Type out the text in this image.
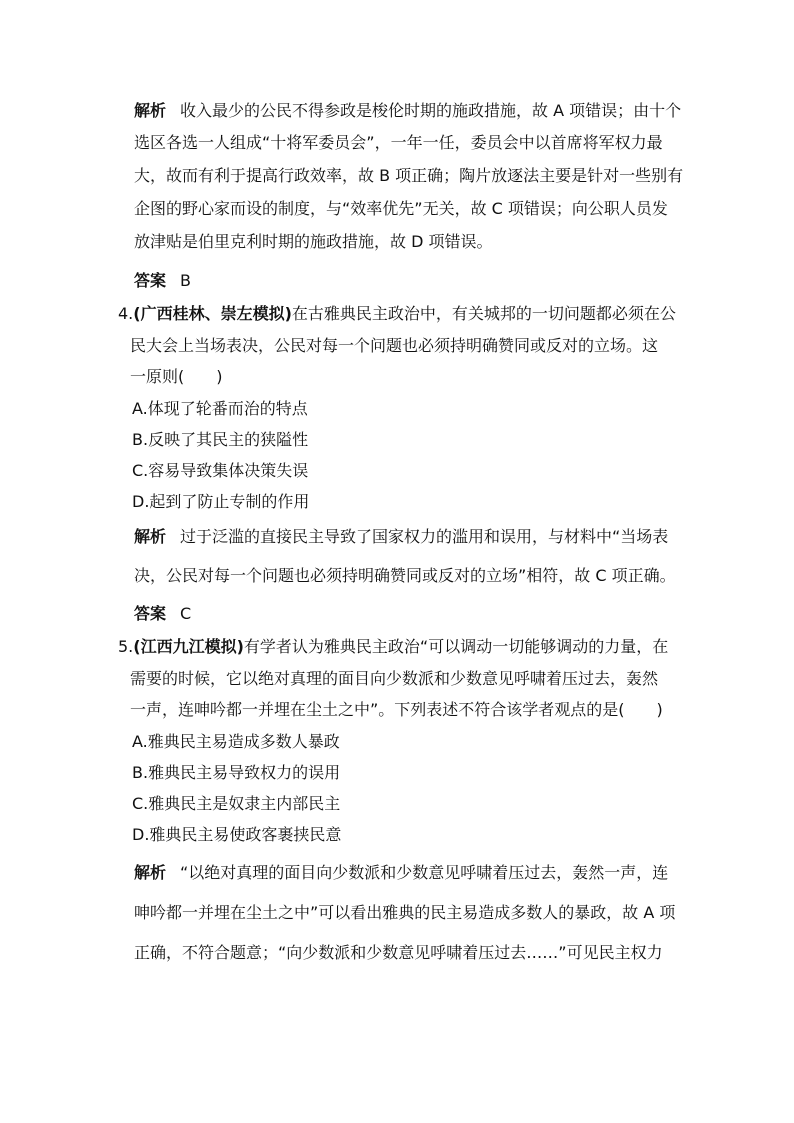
解析 收入最少的公民不得参政是梭伦时期的施政措施，故 A 项错误；由十个
选区各选一人组成“十将军委员会”，一年一任，委员会中以首席将军权力最
大，故而有利于提高行政效率，故 B 项正确；陶片放逐法主要是针对一些别有
企图的野心家而设的制度，与“效率优先”无关，故 C 项错误；向公职人员发
放津贴是伯里克利时期的施政措施，故 D 项错误。
答案 B
4.(广西桂林、崇左模拟)在古雅典民主政治中，有关城邦的一切问题都必须在公
民大会上当场表决，公民对每一个问题也必须持明确赞同或反对的立场。这
一原则(　　)
A.体现了轮番而治的特点
B.反映了其民主的狭隘性
C.容易导致集体决策失误
D.起到了防止专制的作用
解析 过于泛滥的直接民主导致了国家权力的滥用和误用，与材料中“当场表
决，公民对每一个问题也必须持明确赞同或反对的立场”相符，故 C 项正确。
答案 C
5.(江西九江模拟)有学者认为雅典民主政治“可以调动一切能够调动的力量，在
需要的时候，它以绝对真理的面目向少数派和少数意见呼啸着压过去，轰然
一声，连呻吟都一并埋在尘土之中”。下列表述不符合该学者观点的是(　　)
A.雅典民主易造成多数人暴政
B.雅典民主易导致权力的误用
C.雅典民主是奴隶主内部民主
D.雅典民主易使政客裹挟民意
解析 “以绝对真理的面目向少数派和少数意见呼啸着压过去，轰然一声，连
呻吟都一并埋在尘土之中”可以看出雅典的民主易造成多数人的暴政，故 A 项
正确，不符合题意；“向少数派和少数意见呼啸着压过去……”可见民主权力
